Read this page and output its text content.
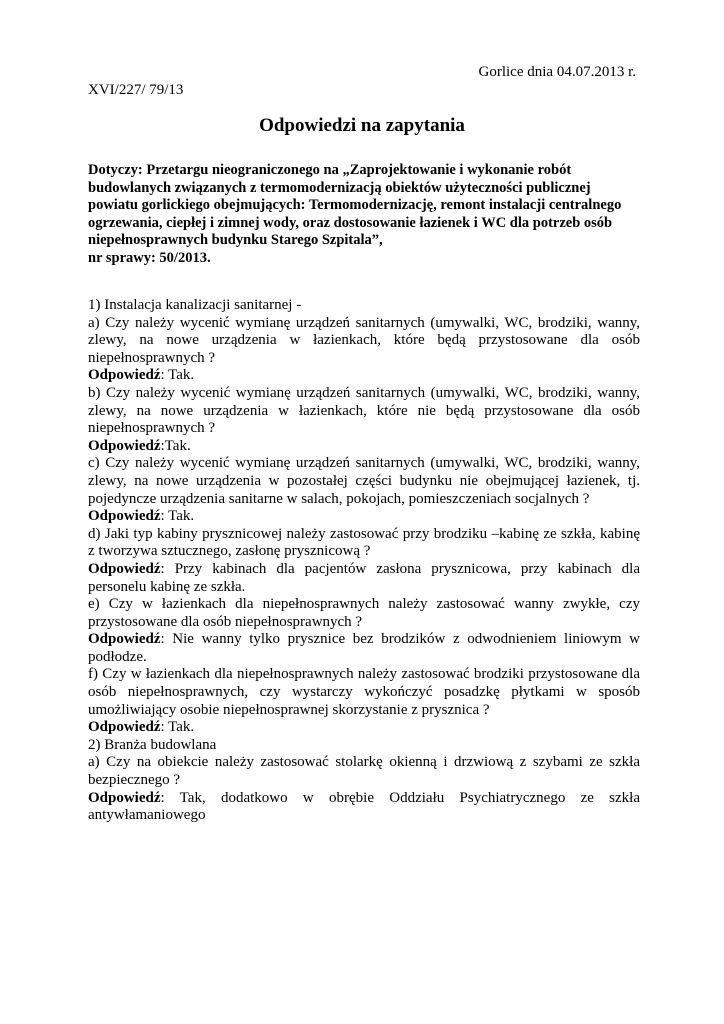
Gorlice dnia 04.07.2013 r.
XVI/227/ 79/13
Odpowiedzi na zapytania
Dotyczy: Przetargu nieograniczonego na „Zaprojektowanie i wykonanie robót
budowlanych związanych z termomodernizacją obiektów użyteczności publicznej
powiatu gorlickiego obejmujących: Termomodernizację, remont instalacji centralnego
ogrzewania, ciepłej i zimnej wody, oraz dostosowanie łazienek i WC dla potrzeb osób
niepełnosprawnych budynku Starego Szpitala”,
nr sprawy: 50/2013.

1) Instalacja kanalizacji sanitarnej -

a) Czy należy wycenić wymianę urządzeń sanitarnych (umywalki, WC, brodziki, wanny, zlewy, na nowe urządzenia w łazienkach, które będą przystosowane dla osób niepełnosprawnych ?

Odpowiedź: Tak.

b) Czy należy wycenić wymianę urządzeń sanitarnych (umywalki, WC, brodziki, wanny, zlewy, na nowe urządzenia w łazienkach, które nie będą przystosowane dla osób niepełnosprawnych ?

Odpowiedź:Tak.

c) Czy należy wycenić wymianę urządzeń sanitarnych (umywalki, WC, brodziki, wanny, zlewy, na nowe urządzenia w pozostałej części budynku nie obejmującej łazienek, tj. pojedyncze urządzenia sanitarne w salach, pokojach, pomieszczeniach socjalnych ?

Odpowiedź: Tak.

d) Jaki typ kabiny prysznicowej należy zastosować przy brodziku –kabinę ze szkła, kabinę z tworzywa sztucznego, zasłonę prysznicową ?

Odpowiedź: Przy kabinach dla pacjentów zasłona prysznicowa, przy kabinach dla personelu kabinę ze szkła.

e) Czy w łazienkach dla niepełnosprawnych należy zastosować wanny zwykłe, czy przystosowane dla osób niepełnosprawnych ?

Odpowiedź: Nie wanny tylko prysznice bez brodzików z odwodnieniem liniowym w podłodze.

f) Czy w łazienkach dla niepełnosprawnych należy zastosować brodziki przystosowane dla osób niepełnosprawnych, czy wystarczy wykończyć posadzkę płytkami w sposób umożliwiający osobie niepełnosprawnej skorzystanie z prysznica ?

Odpowiedź: Tak.

2) Branża budowlana

a) Czy na obiekcie należy zastosować stolarkę okienną i drzwiową z szybami ze szkła bezpiecznego ?

Odpowiedź: Tak, dodatkowo w obrębie Oddziału Psychiatrycznego ze szkła antywłamaniowego
